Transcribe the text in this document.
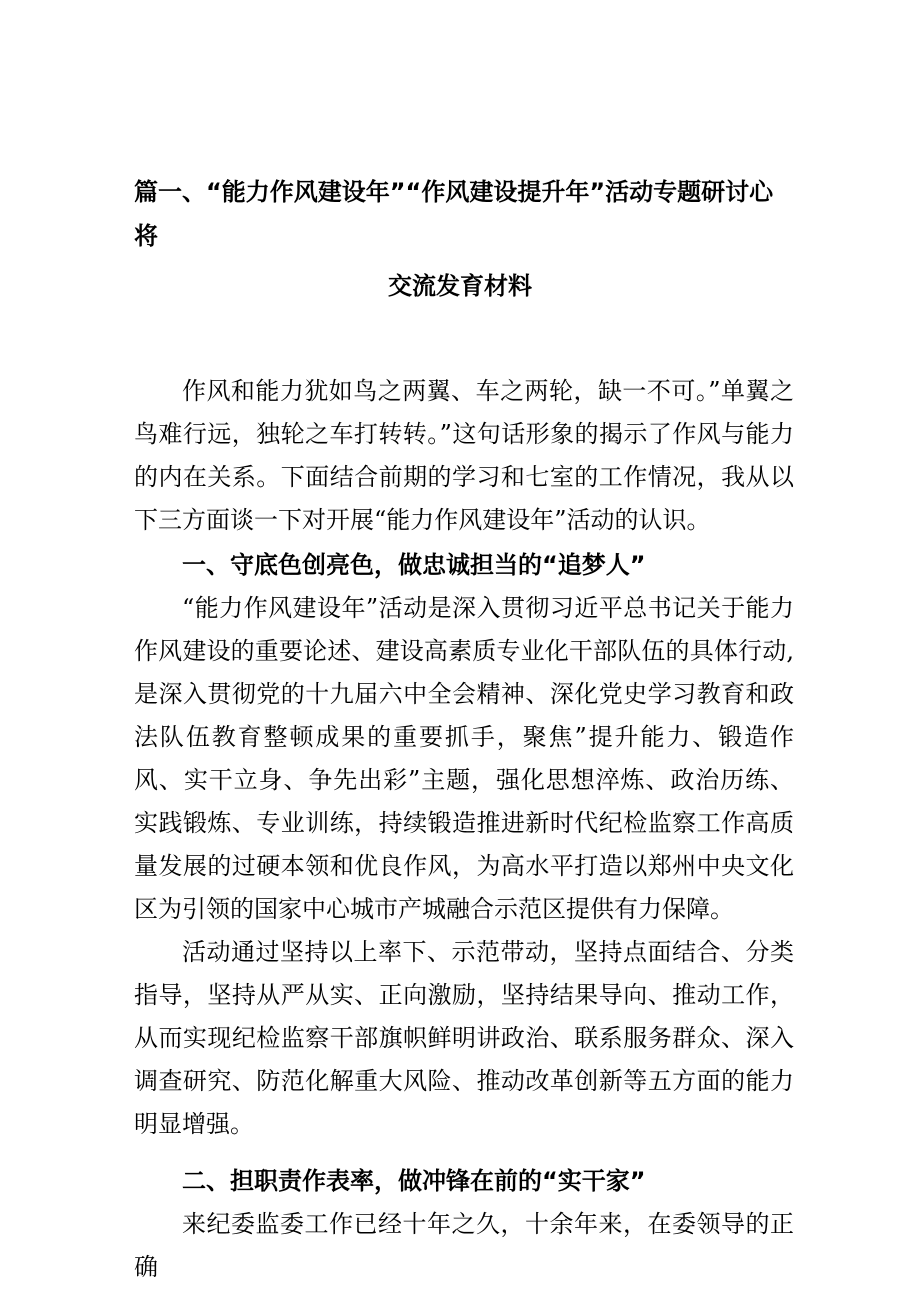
篇一、“能力作风建设年”“作风建设提升年”活动专题研讨心将
交流发育材料

作风和能力犹如鸟之两翼、车之两轮，缺一不可。”单翼之鸟难行远，独轮之车打转转。”这句话形象的揭示了作风与能力的内在关系。下面结合前期的学习和七室的工作情况，我从以下三方面谈一下对开展“能力作风建设年”活动的认识。

一、守底色创亮色，做忠诚担当的“追梦人”

“能力作风建设年”活动是深入贯彻习近平总书记关于能力作风建设的重要论述、建设高素质专业化干部队伍的具体行动,是深入贯彻党的十九届六中全会精神、深化党史学习教育和政法队伍教育整顿成果的重要抓手，聚焦”提升能力、锻造作风、实干立身、争先出彩”主题，强化思想淬炼、政治历练、实践锻炼、专业训练，持续锻造推进新时代纪检监察工作高质量发展的过硬本领和优良作风，为高水平打造以郑州中央文化区为引领的国家中心城市产城融合示范区提供有力保障。

活动通过坚持以上率下、示范带动，坚持点面结合、分类指导，坚持从严从实、正向激励，坚持结果导向、推动工作，从而实现纪检监察干部旗帜鲜明讲政治、联系服务群众、深入调查研究、防范化解重大风险、推动改革创新等五方面的能力明显增强。

二、担职责作表率，做冲锋在前的“实干家”

来纪委监委工作已经十年之久，十余年来，在委领导的正确
